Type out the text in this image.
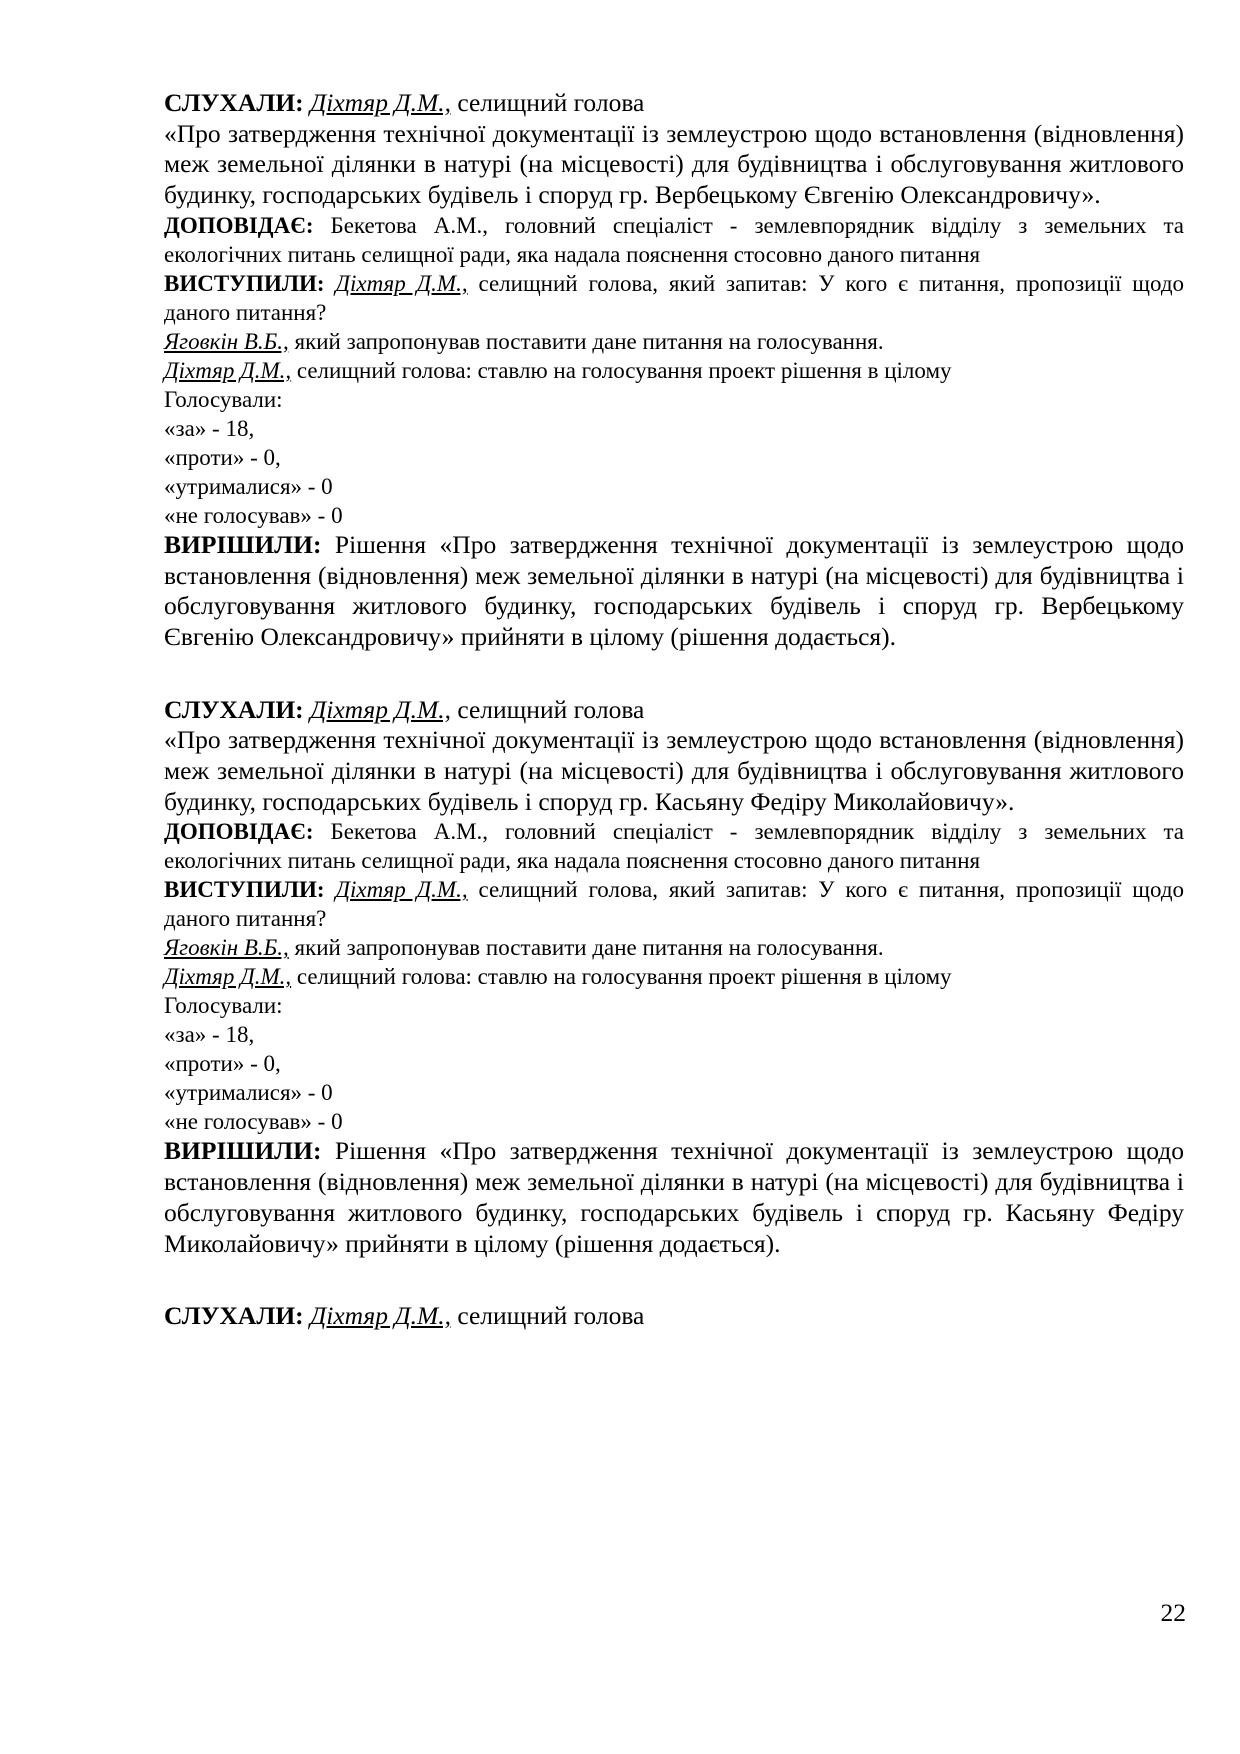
СЛУХАЛИ: Діхтяр Д.М., селищний голова

«Про затвердження технічної документації із землеустрою щодо встановлення (відновлення) меж земельної ділянки в натурі (на місцевості) для будівництва і обслуговування житлового будинку, господарських будівель і споруд гр. Вербецькому Євгенію Олександровичу».

ДОПОВІДАЄ: Бекетова А.М., головний спеціаліст - землевпорядник відділу з земельних та екологічних питань селищної ради, яка надала пояснення стосовно даного питання

ВИСТУПИЛИ: Діхтяр Д.М., селищний голова, який запитав: У кого є питання, пропозиції щодо даного питання?

Яговкін В.Б., який запропонував поставити дане питання на голосування.

Діхтяр Д.М., селищний голова: ставлю на голосування проект рішення в цілому

Голосували:

«за» - 18,

«проти» - 0,

«утрималися» - 0

«не голосував» - 0

ВИРІШИЛИ: Рішення «Про затвердження технічної документації із землеустрою щодо встановлення (відновлення) меж земельної ділянки в натурі (на місцевості) для будівництва і обслуговування житлового будинку, господарських будівель і споруд гр. Вербецькому Євгенію Олександровичу» прийняти в цілому (рішення додається).

СЛУХАЛИ: Діхтяр Д.М., селищний голова

«Про затвердження технічної документації із землеустрою щодо встановлення (відновлення) меж земельної ділянки в натурі (на місцевості) для будівництва і обслуговування житлового будинку, господарських будівель і споруд гр. Касьяну Федіру Миколайовичу».

ДОПОВІДАЄ: Бекетова А.М., головний спеціаліст - землевпорядник відділу з земельних та екологічних питань селищної ради, яка надала пояснення стосовно даного питання

ВИСТУПИЛИ: Діхтяр Д.М., селищний голова, який запитав: У кого є питання, пропозиції щодо даного питання?

Яговкін В.Б., який запропонував поставити дане питання на голосування.

Діхтяр Д.М., селищний голова: ставлю на голосування проект рішення в цілому

Голосували:

«за» - 18,

«проти» - 0,

«утрималися» - 0

«не голосував» - 0

ВИРІШИЛИ: Рішення «Про затвердження технічної документації із землеустрою щодо встановлення (відновлення) меж земельної ділянки в натурі (на місцевості) для будівництва і обслуговування житлового будинку, господарських будівель і споруд гр. Касьяну Федіру Миколайовичу» прийняти в цілому (рішення додається).

СЛУХАЛИ: Діхтяр Д.М., селищний голова

22
